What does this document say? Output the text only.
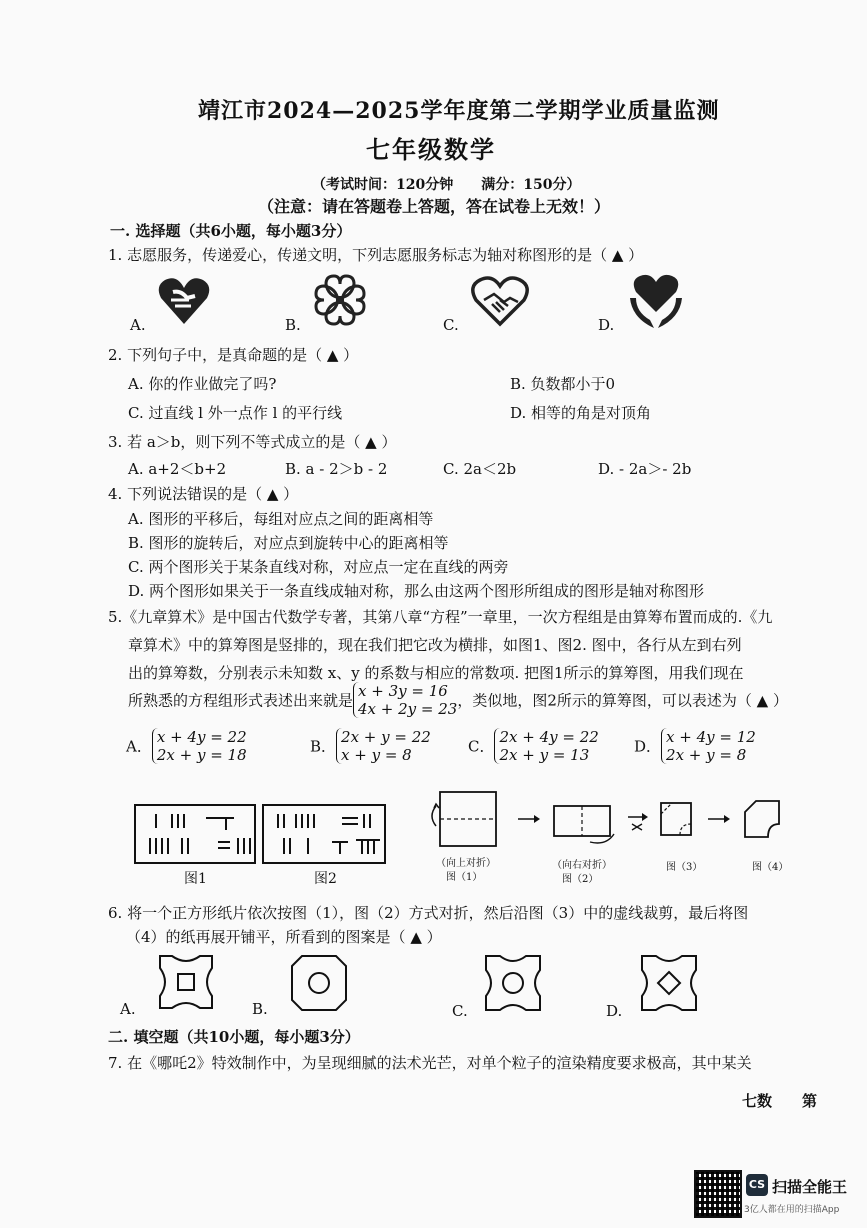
靖江市2024—2025学年度第二学期学业质量监测
七年级数学
（考试时间：120分钟　　满分：150分）
（注意：请在答题卷上答题，答在试卷上无效！）
一. 选择题（共6小题，每小题3分）
1. 志愿服务，传递爱心，传递文明，下列志愿服务标志为轴对称图形的是（ ▲ ）
A.	B.	C.	D.
2. 下列句子中，是真命题的是（ ▲ ）
A. 你的作业做完了吗?	B. 负数都小于0
C. 过直线 l 外一点作 l 的平行线	D. 相等的角是对顶角
3. 若 a＞b，则下列不等式成立的是（ ▲ ）
A. a+2＜b+2	B. a - 2＞b - 2	C. 2a＜2b	D. - 2a＞- 2b
4. 下列说法错误的是（ ▲ ）
A. 图形的平移后，每组对应点之间的距离相等
B. 图形的旋转后，对应点到旋转中心的距离相等
C. 两个图形关于某条直线对称，对应点一定在直线的两旁
D. 两个图形如果关于一条直线成轴对称，那么由这两个图形所组成的图形是轴对称图形
5.《九章算术》是中国古代数学专著，其第八章“方程”一章里，一次方程组是由算筹布置而成的.《九
章算术》中的算筹图是竖排的，现在我们把它改为横排，如图1、图2. 图中，各行从左到右列
出的算筹数，分别表示未知数 x、y 的系数与相应的常数项. 把图1所示的算筹图，用我们现在
所熟悉的方程组形式表述出来就是x + 3y = 16
4x + 2y = 23，类似地，图2所示的算筹图，可以表述为（ ▲ ）
A．x + 4y = 22
2x + y = 18	B．2x + y = 22
x + y = 8	C．2x + 4y = 22
2x + y = 13	D．x + 4y = 12
2x + y = 8
图1	图2
（向上对折）
图（1）
（向右对折）
图（2）
图（3）	图（4）
6. 将一个正方形纸片依次按图（1），图（2）方式对折，然后沿图（3）中的虚线裁剪，最后将图
（4）的纸再展开铺平，所看到的图案是（ ▲ ）
A.	B.	C.	D.
二. 填空题（共10小题，每小题3分）
7. 在《哪吒2》特效制作中，为呈现细腻的法术光芒，对单个粒子的渲染精度要求极高，其中某关
七数　　第
CS 扫描全能王
3亿人都在用的扫描App
